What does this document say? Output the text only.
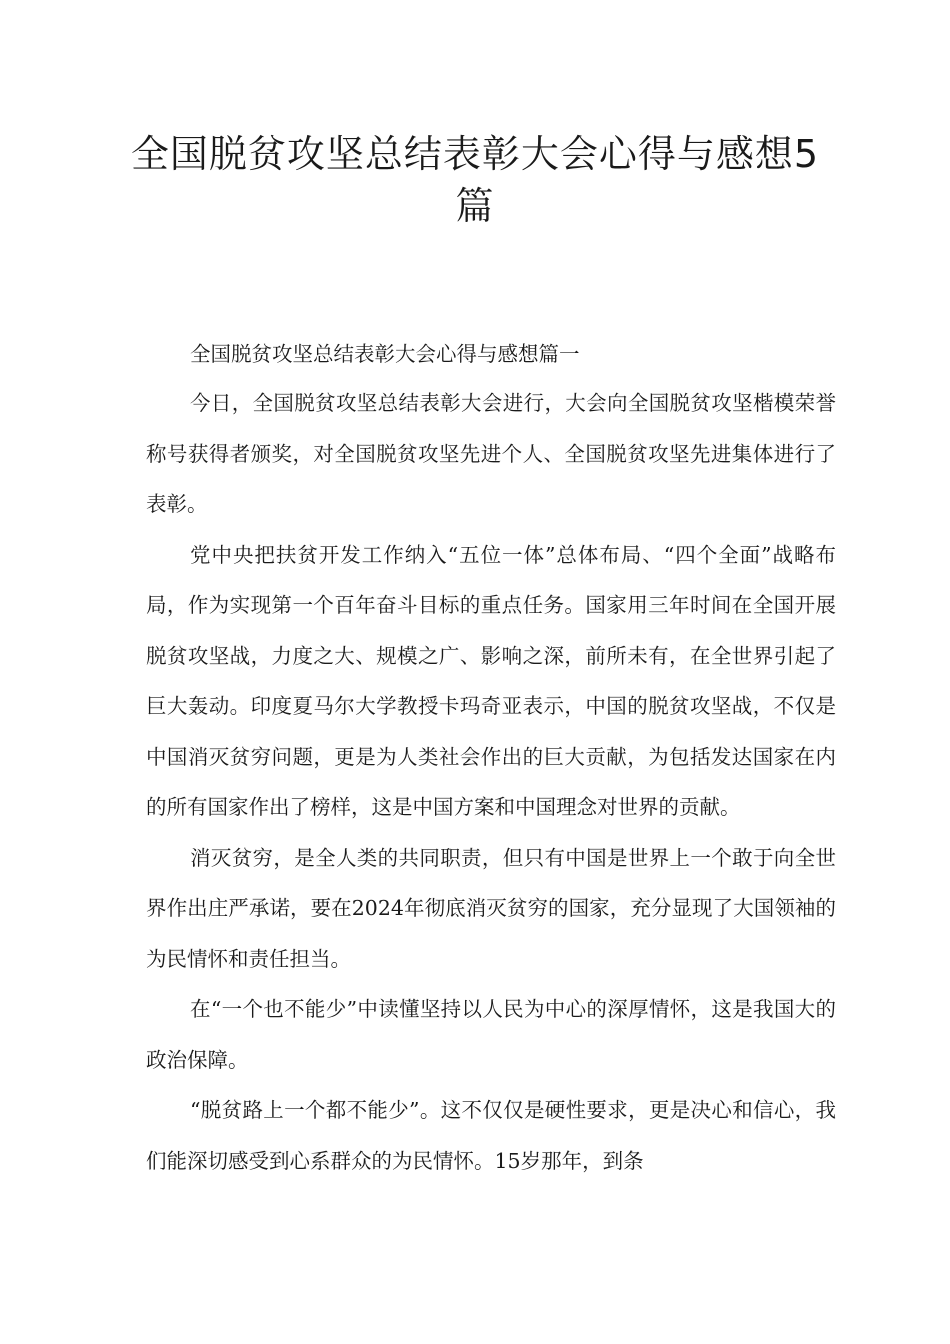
全国脱贫攻坚总结表彰大会心得与感想5篇

全国脱贫攻坚总结表彰大会心得与感想篇一

今日，全国脱贫攻坚总结表彰大会进行，大会向全国脱贫攻坚楷模荣誉称号获得者颁奖，对全国脱贫攻坚先进个人、全国脱贫攻坚先进集体进行了表彰。

党中央把扶贫开发工作纳入“五位一体”总体布局、“四个全面”战略布局，作为实现第一个百年奋斗目标的重点任务。国家用三年时间在全国开展脱贫攻坚战，力度之大、规模之广、影响之深，前所未有，在全世界引起了巨大轰动。印度夏马尔大学教授卡玛奇亚表示，中国的脱贫攻坚战，不仅是中国消灭贫穷问题，更是为人类社会作出的巨大贡献，为包括发达国家在内的所有国家作出了榜样，这是中国方案和中国理念对世界的贡献。

消灭贫穷，是全人类的共同职责，但只有中国是世界上一个敢于向全世界作出庄严承诺，要在2024年彻底消灭贫穷的国家，充分显现了大国领袖的为民情怀和责任担当。

在“一个也不能少”中读懂坚持以人民为中心的深厚情怀，这是我国大的政治保障。

“脱贫路上一个都不能少”。这不仅仅是硬性要求，更是决心和信心，我们能深切感受到心系群众的为民情怀。15岁那年，到条
